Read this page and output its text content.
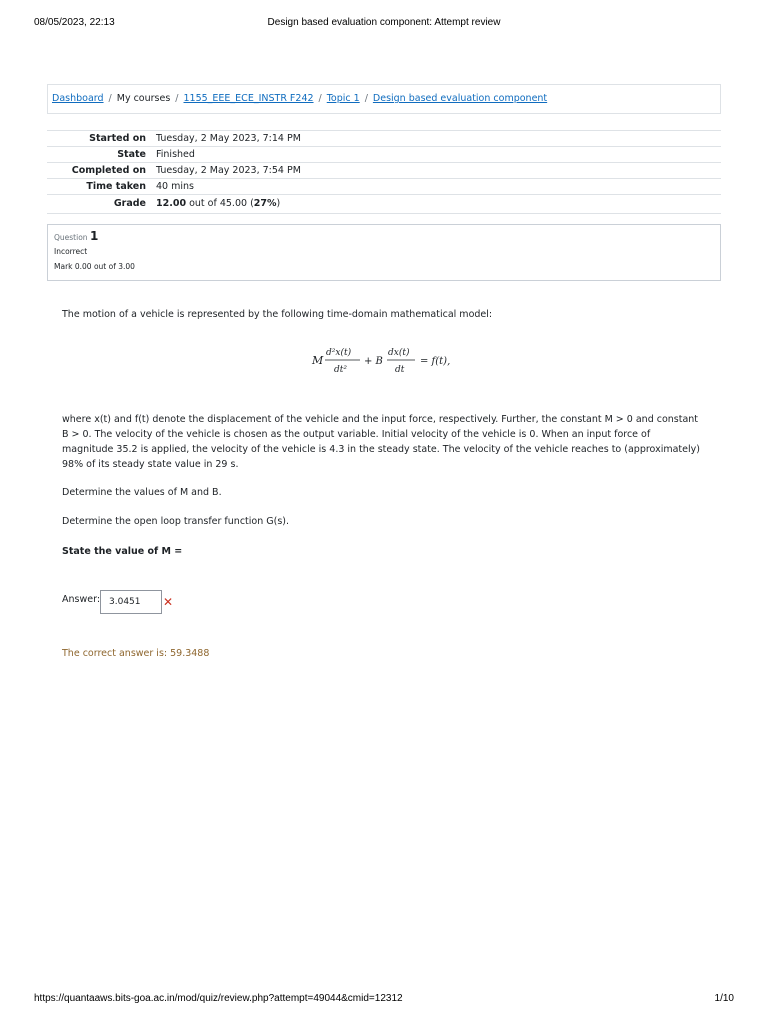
08/05/2023, 22:13	Design based evaluation component: Attempt review
Dashboard / My courses / 1155_EEE_ECE_INSTR F242 / Topic 1 / Design based evaluation component
Started on	Tuesday, 2 May 2023, 7:14 PM
State	Finished
Completed on	Tuesday, 2 May 2023, 7:54 PM
Time taken	40 mins
Grade	12.00 out of 45.00 (27%)
Question 1
Incorrect
Mark 0.00 out of 3.00
The motion of a vehicle is represented by the following time-domain mathematical model:
M
d²x(t)
dt²
+ B
dx(t)
dt
= f(t),
where x(t) and f(t) denote the displacement of the vehicle and the input force, respectively. Further, the constant M > 0 and constant B > 0. The velocity of the vehicle is chosen as the output variable. Initial velocity of the vehicle is 0. When an input force of magnitude 35.2 is applied, the velocity of the vehicle is 4.3 in the steady state. The velocity of the vehicle reaches to (approximately) 98% of its steady state value in 29 s.
Determine the values of M and B.
Determine the open loop transfer function G(s).
State the value of M =
Answer: 3.0451	✕
The correct answer is: 59.3488
https://quantaaws.bits-goa.ac.in/mod/quiz/review.php?attempt=49044&cmid=12312	1/10
